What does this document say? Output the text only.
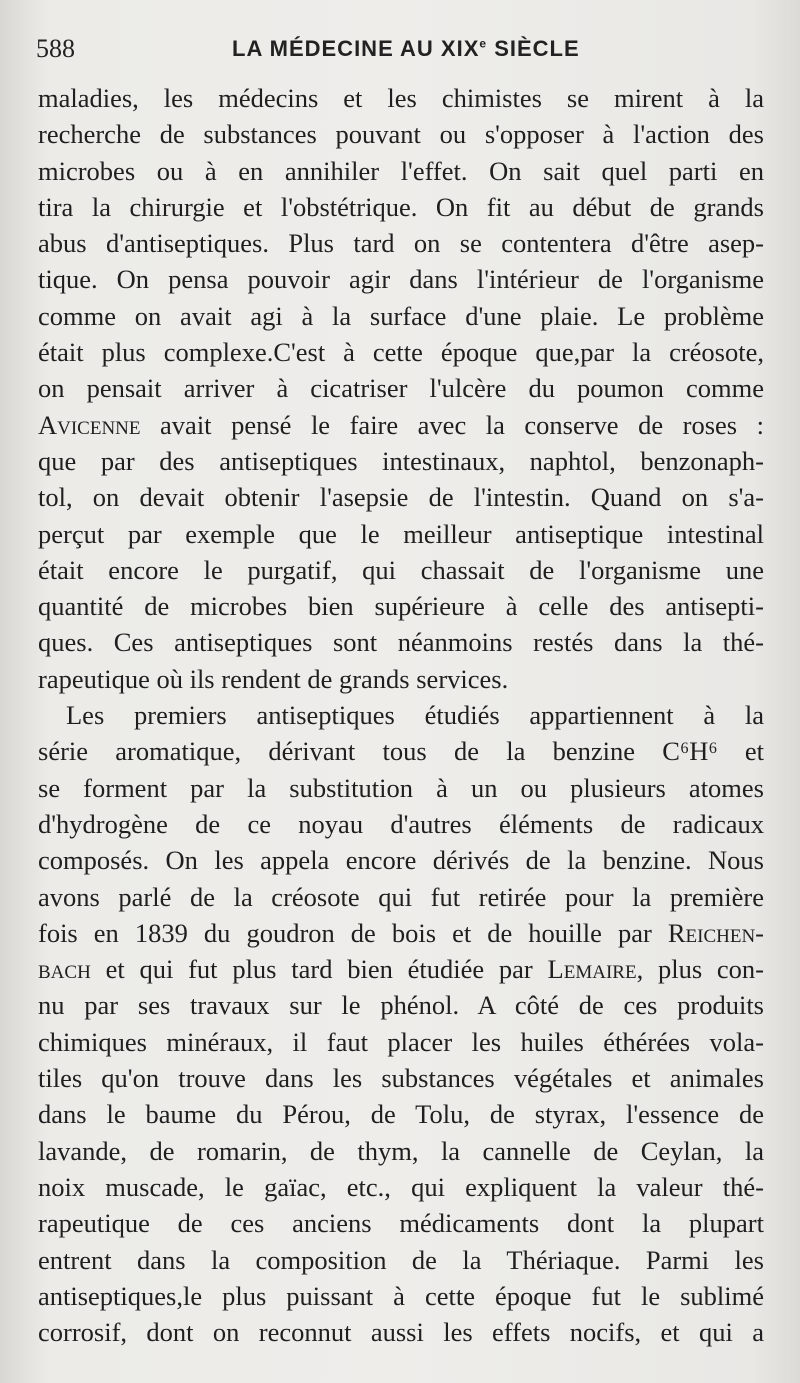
588	LA MÉDECINE AU XIXe SIÈCLE
maladies, les médecins et les chimistes se mirent à la
recherche de substances pouvant ou s'opposer à l'action des
microbes ou à en annihiler l'effet. On sait quel parti en
tira la chirurgie et l'obstétrique. On fit au début de grands
abus d'antiseptiques. Plus tard on se contentera d'être asep-
tique. On pensa pouvoir agir dans l'intérieur de l'organisme
comme on avait agi à la surface d'une plaie. Le problème
était plus complexe.C'est à cette époque que,par la créosote,
on pensait arriver à cicatriser l'ulcère du poumon comme
Avicenne avait pensé le faire avec la conserve de roses :
que par des antiseptiques intestinaux, naphtol, benzonaph-
tol, on devait obtenir l'asepsie de l'intestin. Quand on s'a-
perçut par exemple que le meilleur antiseptique intestinal
était encore le purgatif, qui chassait de l'organisme une
quantité de microbes bien supérieure à celle des antisepti-
ques. Ces antiseptiques sont néanmoins restés dans la thé-
rapeutique où ils rendent de grands services.
Les premiers antiseptiques étudiés appartiennent à la
série aromatique, dérivant tous de la benzine C⁶H⁶ et
se forment par la substitution à un ou plusieurs atomes
d'hydrogène de ce noyau d'autres éléments de radicaux
composés. On les appela encore dérivés de la benzine. Nous
avons parlé de la créosote qui fut retirée pour la première
fois en 1839 du goudron de bois et de houille par Reichen-
bach et qui fut plus tard bien étudiée par Lemaire, plus con-
nu par ses travaux sur le phénol. A côté de ces produits
chimiques minéraux, il faut placer les huiles éthérées vola-
tiles qu'on trouve dans les substances végétales et animales
dans le baume du Pérou, de Tolu, de styrax, l'essence de
lavande, de romarin, de thym, la cannelle de Ceylan, la
noix muscade, le gaïac, etc., qui expliquent la valeur thé-
rapeutique de ces anciens médicaments dont la plupart
entrent dans la composition de la Thériaque. Parmi les
antiseptiques,le plus puissant à cette époque fut le sublimé
corrosif, dont on reconnut aussi les effets nocifs, et qui a
